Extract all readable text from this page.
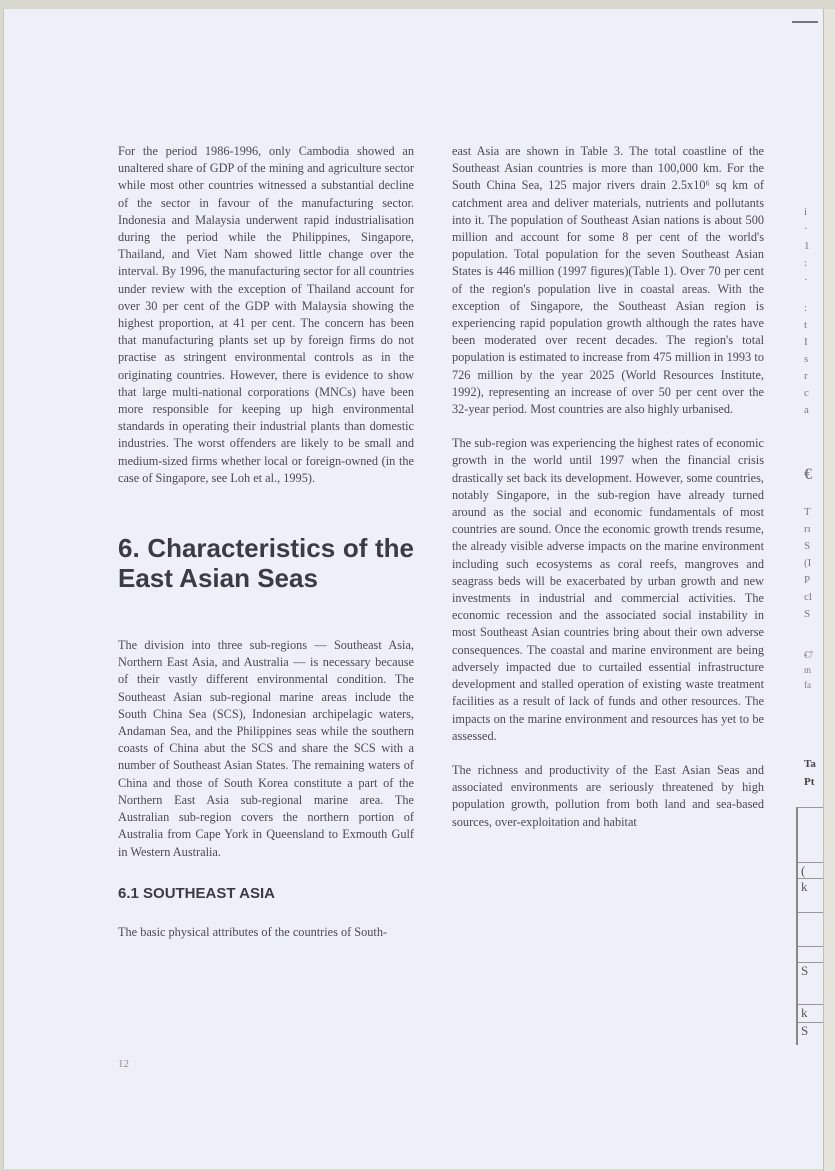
For the period 1986-1996, only Cambodia showed an unaltered share of GDP of the mining and agriculture sector while most other countries witnessed a substantial decline of the sector in favour of the manufacturing sector. Indonesia and Malaysia underwent rapid industrialisation during the period while the Philippines, Singapore, Thailand, and Viet Nam showed little change over the interval. By 1996, the manufacturing sector for all countries under review with the exception of Thailand account for over 30 per cent of the GDP with Malaysia showing the highest proportion, at 41 per cent. The concern has been that manufacturing plants set up by foreign firms do not practise as stringent environmental controls as in the originating countries. However, there is evidence to show that large multi-national corporations (MNCs) have been more responsible for keeping up high environmental standards in operating their industrial plants than domestic industries. The worst offenders are likely to be small and medium-sized firms whether local or foreign-owned (in the case of Singapore, see Loh et al., 1995).

6. Characteristics of the East Asian Seas

The division into three sub-regions — Southeast Asia, Northern East Asia, and Australia — is necessary because of their vastly different environmental condition. The Southeast Asian sub-regional marine areas include the South China Sea (SCS), Indonesian archipelagic waters, Andaman Sea, and the Philippines seas while the southern coasts of China abut the SCS and share the SCS with a number of Southeast Asian States. The remaining waters of China and those of South Korea constitute a part of the Northern East Asia sub-regional marine area. The Australian sub-region covers the northern portion of Australia from Cape York in Queensland to Exmouth Gulf in Western Australia.

6.1 SOUTHEAST ASIA

The basic physical attributes of the countries of South-

east Asia are shown in Table 3. The total coastline of the Southeast Asian countries is more than 100,000 km. For the South China Sea, 125 major rivers drain 2.5x10⁶ sq km of catchment area and deliver materials, nutrients and pollutants into it. The population of Southeast Asian nations is about 500 million and account for some 8 per cent of the world's population. Total population for the seven Southeast Asian States is 446 million (1997 figures)(Table 1). Over 70 per cent of the region's population live in coastal areas. With the exception of Singapore, the Southeast Asian region is experiencing rapid population growth although the rates have been moderated over recent decades. The region's total population is estimated to increase from 475 million in 1993 to 726 million by the year 2025 (World Resources Institute, 1992), representing an increase of over 50 per cent over the 32-year period. Most countries are also highly urbanised.

The sub-region was experiencing the highest rates of economic growth in the world until 1997 when the financial crisis drastically set back its development. However, some countries, notably Singapore, in the sub-region have already turned around as the social and economic fundamentals of most countries are sound. Once the economic growth trends resume, the already visible adverse impacts on the marine environment including such ecosystems as coral reefs, mangroves and seagrass beds will be exacerbated by urban growth and new investments in industrial and commercial activities. The economic recession and the associated social instability in most Southeast Asian countries bring about their own adverse consequences. The coastal and marine environment are being adversely impacted due to curtailed essential infrastructure development and stalled operation of existing waste treatment facilities as a result of lack of funds and other resources. The impacts on the marine environment and resources has yet to be assessed.

The richness and productivity of the East Asian Seas and associated environments are seriously threatened by high population growth, pollution from both land and sea-based sources, over-exploitation and habitat

12
i
·
1
:
·
:
t
I
s
r
c
a
€
T
rı
S
(I
P
cl
S
€7
m
fa
Ta
Pt
(
k
S
k
S
